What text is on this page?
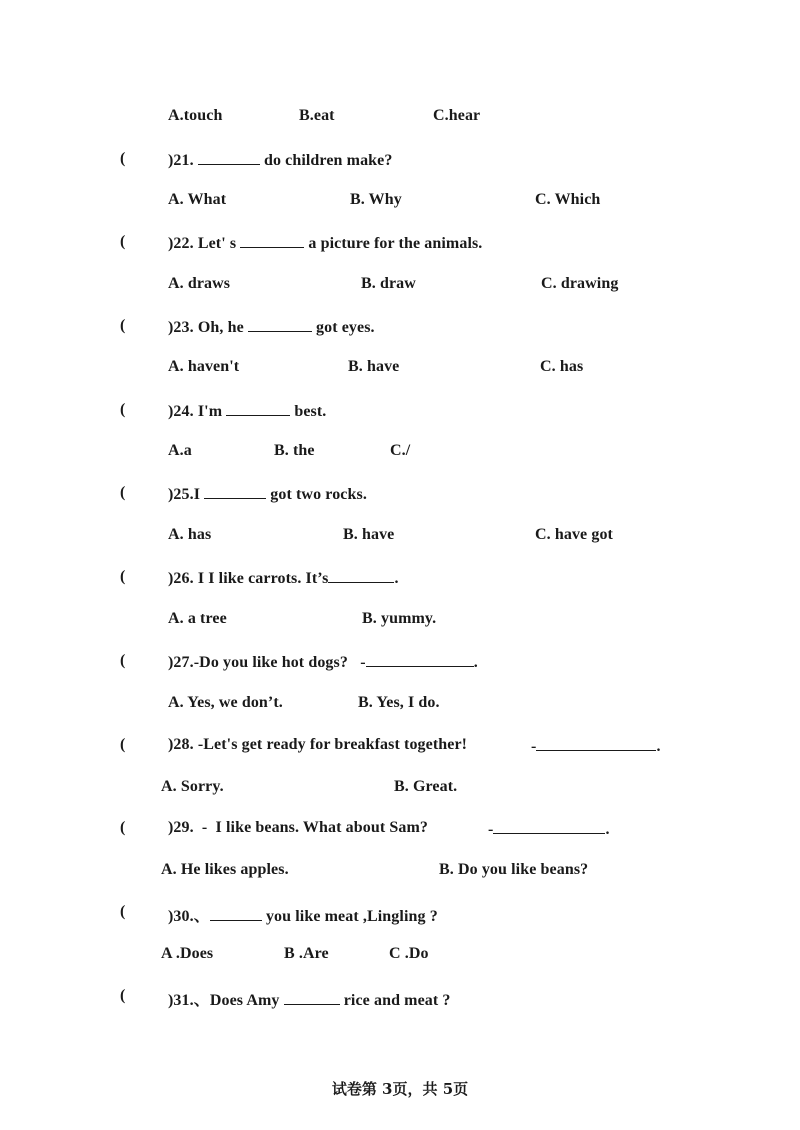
A.touch	B.eat	C.hear
(	)21.	do children make?
A. What	B. Why	C. Which
(	)22. Let' s	a picture for the animals.
A. draws	B. draw	C. drawing
(	)23. Oh, he	got eyes.
A. haven't	B. have	C. has
(	)24. I'm	best.
A.a	B. the	C./
(	)25.I	got two rocks.
A. has	B. have	C. have got
(	)26. I I like carrots. It’s	.
A. a tree	B. yummy.
(	)27.-Do you like hot dogs?   -	.
A. Yes, we don’t.	B. Yes, I do.
(	)28. -Let's get ready for breakfast together!	-	.
A. Sorry.	B. Great.
(	)29.  -  I like beans. What about Sam?	-	.
A. He likes apples.	B. Do you like beans?
(	)30.、	you like meat ,Lingling ?
A .Does	B .Are	C .Do
(	)31.、Does Amy	rice and meat ?
试卷第 3页，共 5页
